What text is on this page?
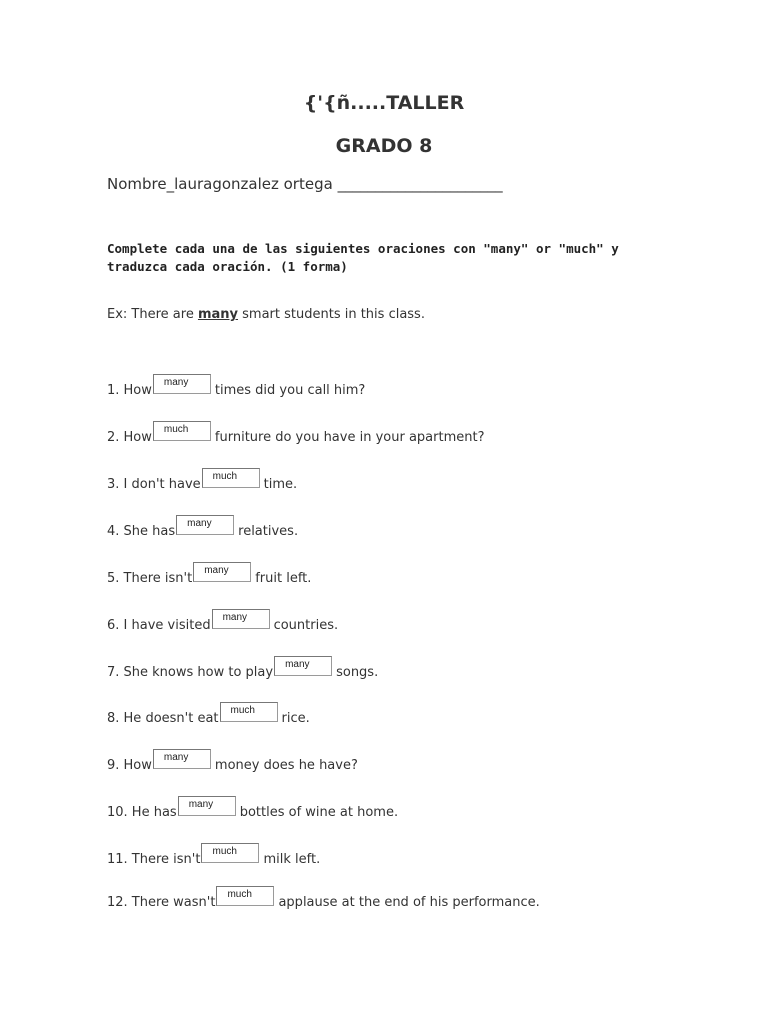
{'{ñ.....TALLER
GRADO 8
Nombre_lauragonzalez ortega ______________________
Complete cada una de las siguientes oraciones con "many" or "much" y traduzca cada oración. (1 forma)
Ex: There are many smart students in this class.
1. How
many
times did you call him?
2. How
much
furniture do you have in your apartment?
3. I don't have
much
time.
4. She has
many
relatives.
5. There isn't
many
fruit left.
6. I have visited
many
countries.
7. She knows how to play
many
songs.
8. He doesn't eat
much
rice.
9. How
many
money does he have?
10. He has
many
bottles of wine at home.
11. There isn't
much
milk left.
12. There wasn't
much
applause at the end of his performance.
